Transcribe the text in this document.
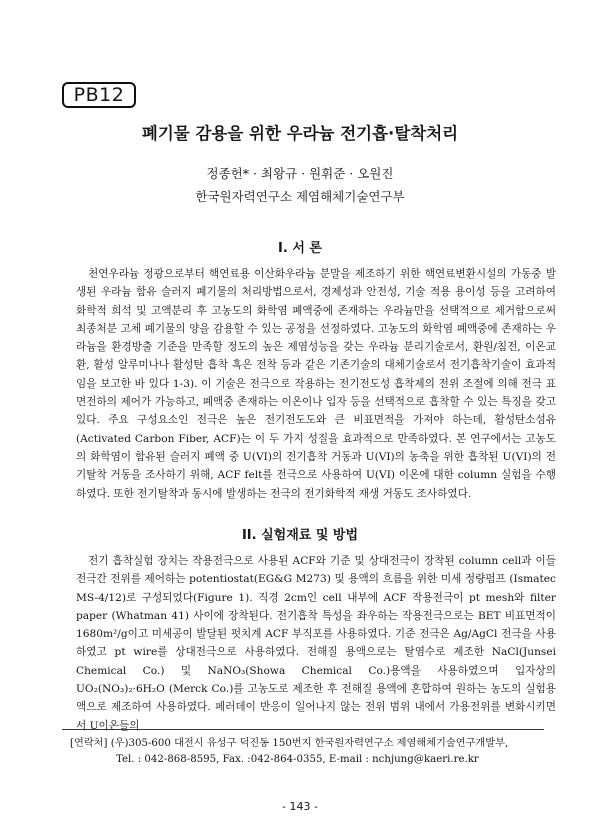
PB12
폐기물 감용을 위한 우라늄 전기흡·탈착처리
정종헌* · 최왕규 · 원휘준 · 오원진
한국원자력연구소 제염해체기술연구부
I. 서 론

천연우라늄 정광으로부터 핵연료용 이산화우라늄 분말을 제조하기 위한 핵연료변환시설의 가동중 발생된 우라늄 함유 슬러지 폐기물의 처리방법으로서, 경제성과 안전성, 기술 적용 용이성 등을 고려하여 화학적 희석 및 고액분리 후 고농도의 화학염 폐액중에 존재하는 우라늄만을 선택적으로 제거함으로써 최종처분 고체 폐기물의 양을 감용할 수 있는 공정을 선정하였다. 고농도의 화학염 폐액중에 존재하는 우라늄을 환경방출 기준을 만족할 정도의 높은 제염성능을 갖는 우라늄 분리기술로서, 환원/침전, 이온교환, 활성 알루미나나 활성탄 흡착 혹은 전착 등과 같은 기존기술의 대체기술로서 전기흡착기술이 효과적임을 보고한 바 있다 1-3). 이 기술은 전극으로 작용하는 전기전도성 흡착제의 전위 조절에 의해 전극 표면전하의 제어가 가능하고, 폐액중 존재하는 이온이나 입자 등을 선택적으로 흡착할 수 있는 특징을 갖고 있다. 주요 구성요소인 전극은 높은 전기전도도와 큰 비표면적을 가져야 하는데, 활성탄소섬유(Activated Carbon Fiber, ACF)는 이 두 가지 성질을 효과적으로 만족하였다. 본 연구에서는 고농도의 화학염이 함유된 슬러지 폐액 중 U(VI)의 전기흡착 거동과 U(VI)의 농축을 위한 흡착된 U(VI)의 전기탈착 거동을 조사하기 위해, ACF felt를 전극으로 사용하여 U(VI) 이온에 대한 column 실험을 수행하였다. 또한 전기탈착과 동시에 발생하는 전극의 전기화학적 재생 거동도 조사하였다.

II. 실험재료 및 방법

전기 흡착실험 장치는 작용전극으로 사용된 ACF와 기준 및 상대전극이 장착된 column cell과 이들 전극간 전위를 제어하는 potentiostat(EG&G M273) 및 용액의 흐름을 위한 미세 정량펌프 (Ismatec MS-4/12)로 구성되었다(Figure 1). 직경 2cm인 cell 내부에 ACF 작용전극이 pt mesh와 filter paper (Whatman 41) 사이에 장착된다. 전기흡착 특성을 좌우하는 작용전극으로는 BET 비표면적이 1680m²/g이고 미세공이 발달된 펏치계 ACF 부직포를 사용하였다. 기준 전극은 Ag/AgCl 전극을 사용하였고 pt wire를 상대전극으로 사용하였다. 전해질 용액으로는 탈염수로 제조한 NaCl(Junsei Chemical Co.) 및 NaNO₃(Showa Chemical Co.)용액을 사용하였으며 입자상의 UO₂(NO₃)₂·6H₂O (Merck Co.)를 고농도로 제조한 후 전해질 용액에 혼합하여 원하는 농도의 실험용액으로 제조하여 사용하였다. 페러데이 반응이 일어나지 않는 전위 범위 내에서 가용전위를 변화시키면서 U이온들의

[연락처] (우)305-600 대전시 유성구 덕진동 150번지 한국원자력연구소 제염해체기술연구개발부,
Tel. : 042-868-8595, Fax. :042-864-0355, E-mail : nchjung@kaeri.re.kr
- 143 -
